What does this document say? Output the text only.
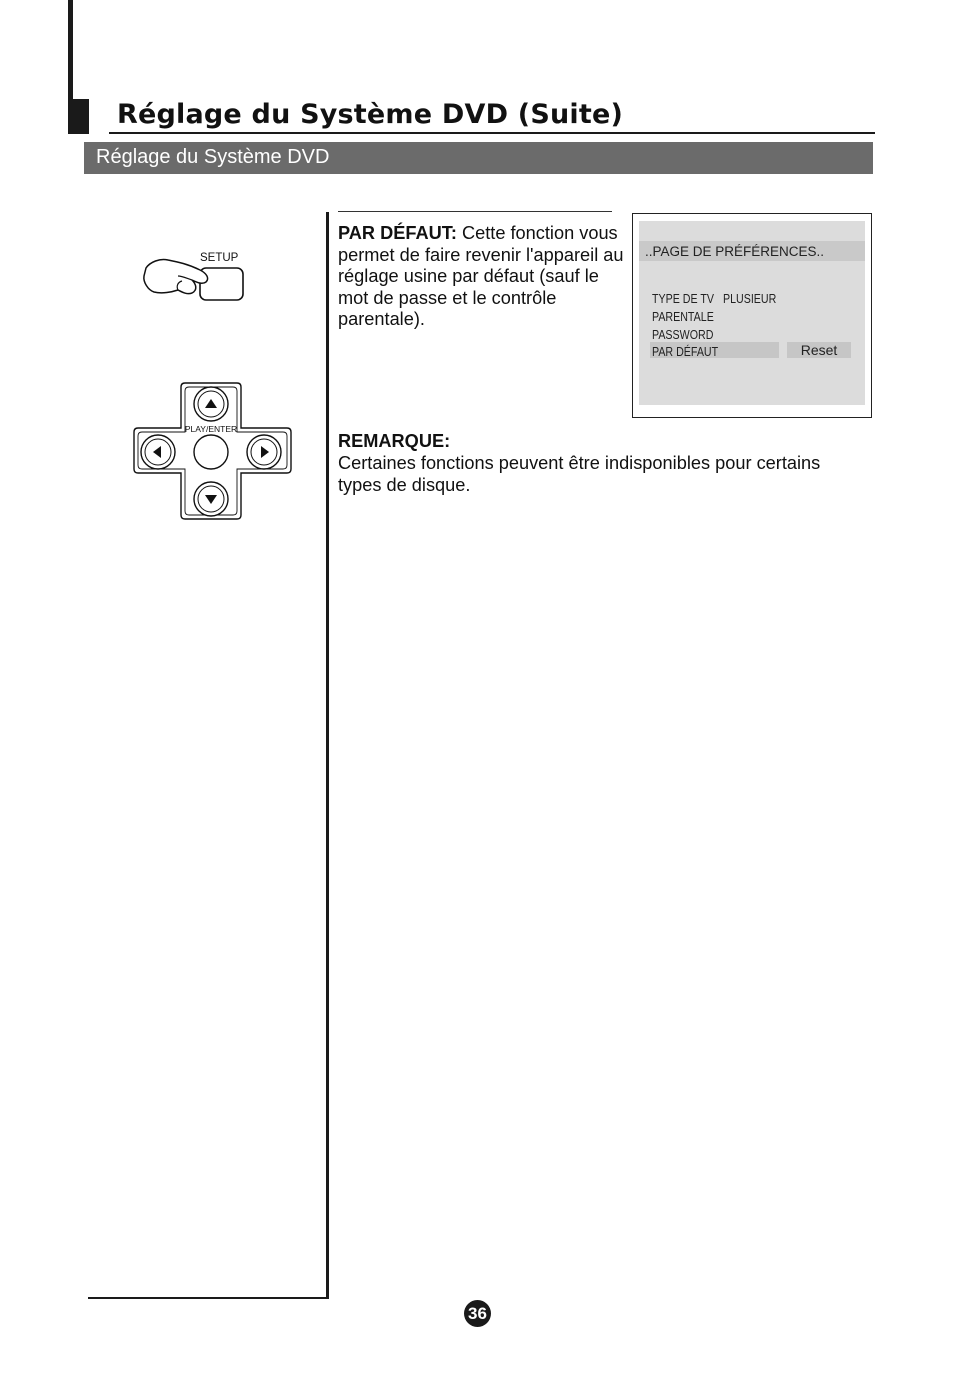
Réglage du Système DVD (Suite)
Réglage du Système DVD
SETUP
PLAY/ENTER
PAR DÉFAUT: Cette fonction vous permet de faire revenir l'appareil au réglage usine par défaut (sauf le mot de passe et le contrôle parentale).
REMARQUE:
Certaines fonctions peuvent être indisponibles pour certains types de disque.
..PAGE DE PRÉFÉRENCES..
TYPE DE TV PLUSIEUR
PARENTALE
PASSWORD
PAR DÉFAUT	Reset
36
